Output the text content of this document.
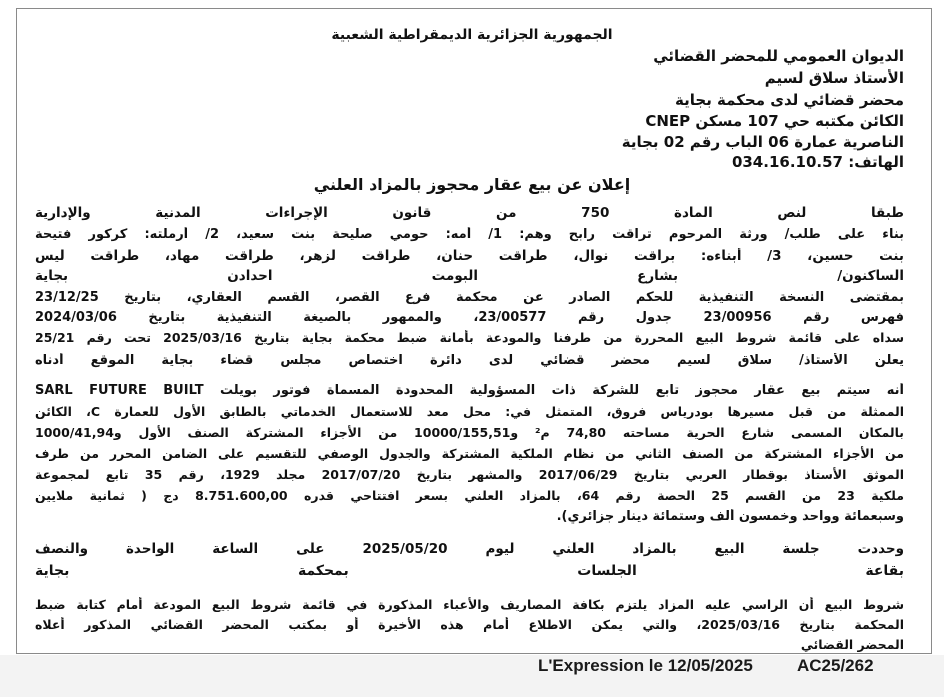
الجمهورية الجزائرية الديمقراطية الشعبية
الديوان العمومي للمحضر القضائي
الأستاذ سلاق لسيم
محضر قضائي لدى محكمة بجاية
الكائن مكتبه حي 107 مسكن CNEP
الناصرية عمارة 06 الباب رقم 02 بجاية
الهاتف: 034.16.10.57
إعلان عن بيع عقار محجوز بالمزاد العلني
طبقا لنص المادة 750 من قانون الإجراءات المدنية والإدارية
بناء على طلب/ ورثة المرحوم تراقت رابح وهم: 1/ أمه: حومي صليحة بنت سعيد، 2/ أرملته: كركور فتيحة
بنت حسين، 3/ أبناءه: براقت نوال، طراقت حنان، طراقت لزهر، طراقت مهاد، طراقت ليس
الساكنون/ بشارع البومت احدادن بجاية
بمقتضى النسخة التنفيذية للحكم الصادر عن محكمة فرع القصر، القسم العقاري، بتاريخ 23/12/25
فهرس رقم 23/00956 جدول رقم 23/00577، والممهور بالصيغة التنفيذية بتاريخ 2024/03/06
سداه على قائمة شروط البيع المحررة من طرفنا والمودعة بأمانة ضبط محكمة بجاية بتاريخ 2025/03/16 تحت رقم 25/21
يعلن الأستاذ/ سلاق لسيم محضر قضائي لدى دائرة اختصاص مجلس قضاء بجاية الموقع أدناه
أنه سيتم بيع عقار محجوز تابع للشركة ذات المسؤولية المحدودة المسماة فوتور بويلت SARL FUTURE BUILT
الممثلة من قبل مسيرها بودرياس فروق، المتمثل في: محل معد للاستعمال الخدماتي بالطابق الأول للعمارة C، الكائن
بالمكان المسمى شارع الحرية مساحته 74,80 م² و10000/155,51 من الأجزاء المشتركة الصنف الأول و1000/41,94
من الأجزاء المشتركة من الصنف الثاني من نظام الملكية المشتركة والجدول الوصفي للتقسيم على الضامن المحرر من طرف
الموثق الأستاذ بوقطار العربي بتاريخ 2017/06/29 والمشهر بتاريخ 2017/07/20 مجلد 1929، رقم 35 تابع لمجموعة
ملكية 23 من القسم 25 الحصة رقم 64، بالمزاد العلني بسعر افتتاحي قدره 8.751.600,00 دج ( ثمانية ملايين
وسبعمائة وواحد وخمسون ألف وستمائة دينار جزائري).
وحددت جلسة البيع بالمزاد العلني ليوم 2025/05/20 على الساعة الواحدة والنصف
بقاعة الجلسات بمحكمة بجاية
شروط البيع أن الراسي عليه المزاد يلتزم بكافة المصاريف والأعباء المذكورة في قائمة شروط البيع المودعة أمام كتابة ضبط
المحكمة بتاريخ 2025/03/16، والتي يمكن الاطلاع أمام هذه الأخيرة أو بمكتب المحضر القضائي المذكور أعلاه
المحضر القضائي
L'Expression le 12/05/2025	AC25/262
